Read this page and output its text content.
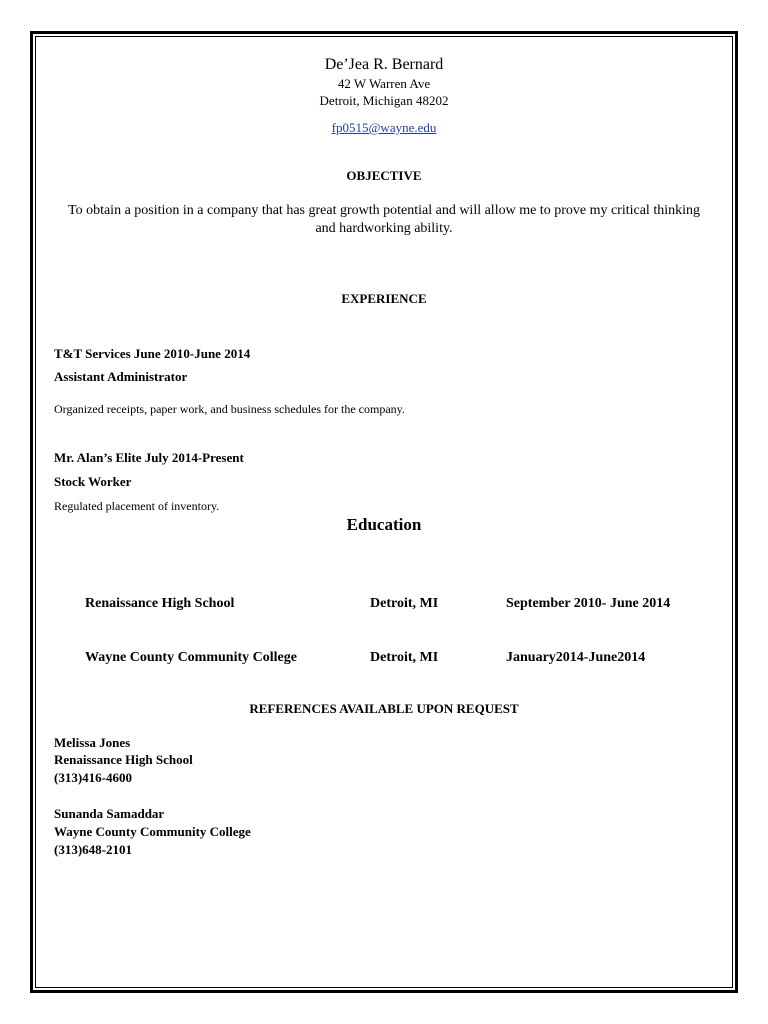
De’Jea R. Bernard
42 W Warren Ave
Detroit, Michigan 48202
fp0515@wayne.edu
OBJECTIVE
To obtain a position in a company that has great growth potential and will allow me to prove my critical thinking and hardworking ability.
EXPERIENCE
T&T Services June 2010-June 2014
Assistant Administrator
Organized receipts, paper work, and business schedules for the company.
Mr. Alan’s Elite July 2014-Present
Stock Worker
Regulated placement of inventory.
Education
Renaissance High School	Detroit, MI	September 2010- June 2014
Wayne County Community College	Detroit, MI	January2014-June2014
REFERENCES AVAILABLE UPON REQUEST
Melissa Jones
Renaissance High School
(313)416-4600
Sunanda Samaddar
Wayne County Community College
(313)648-2101
